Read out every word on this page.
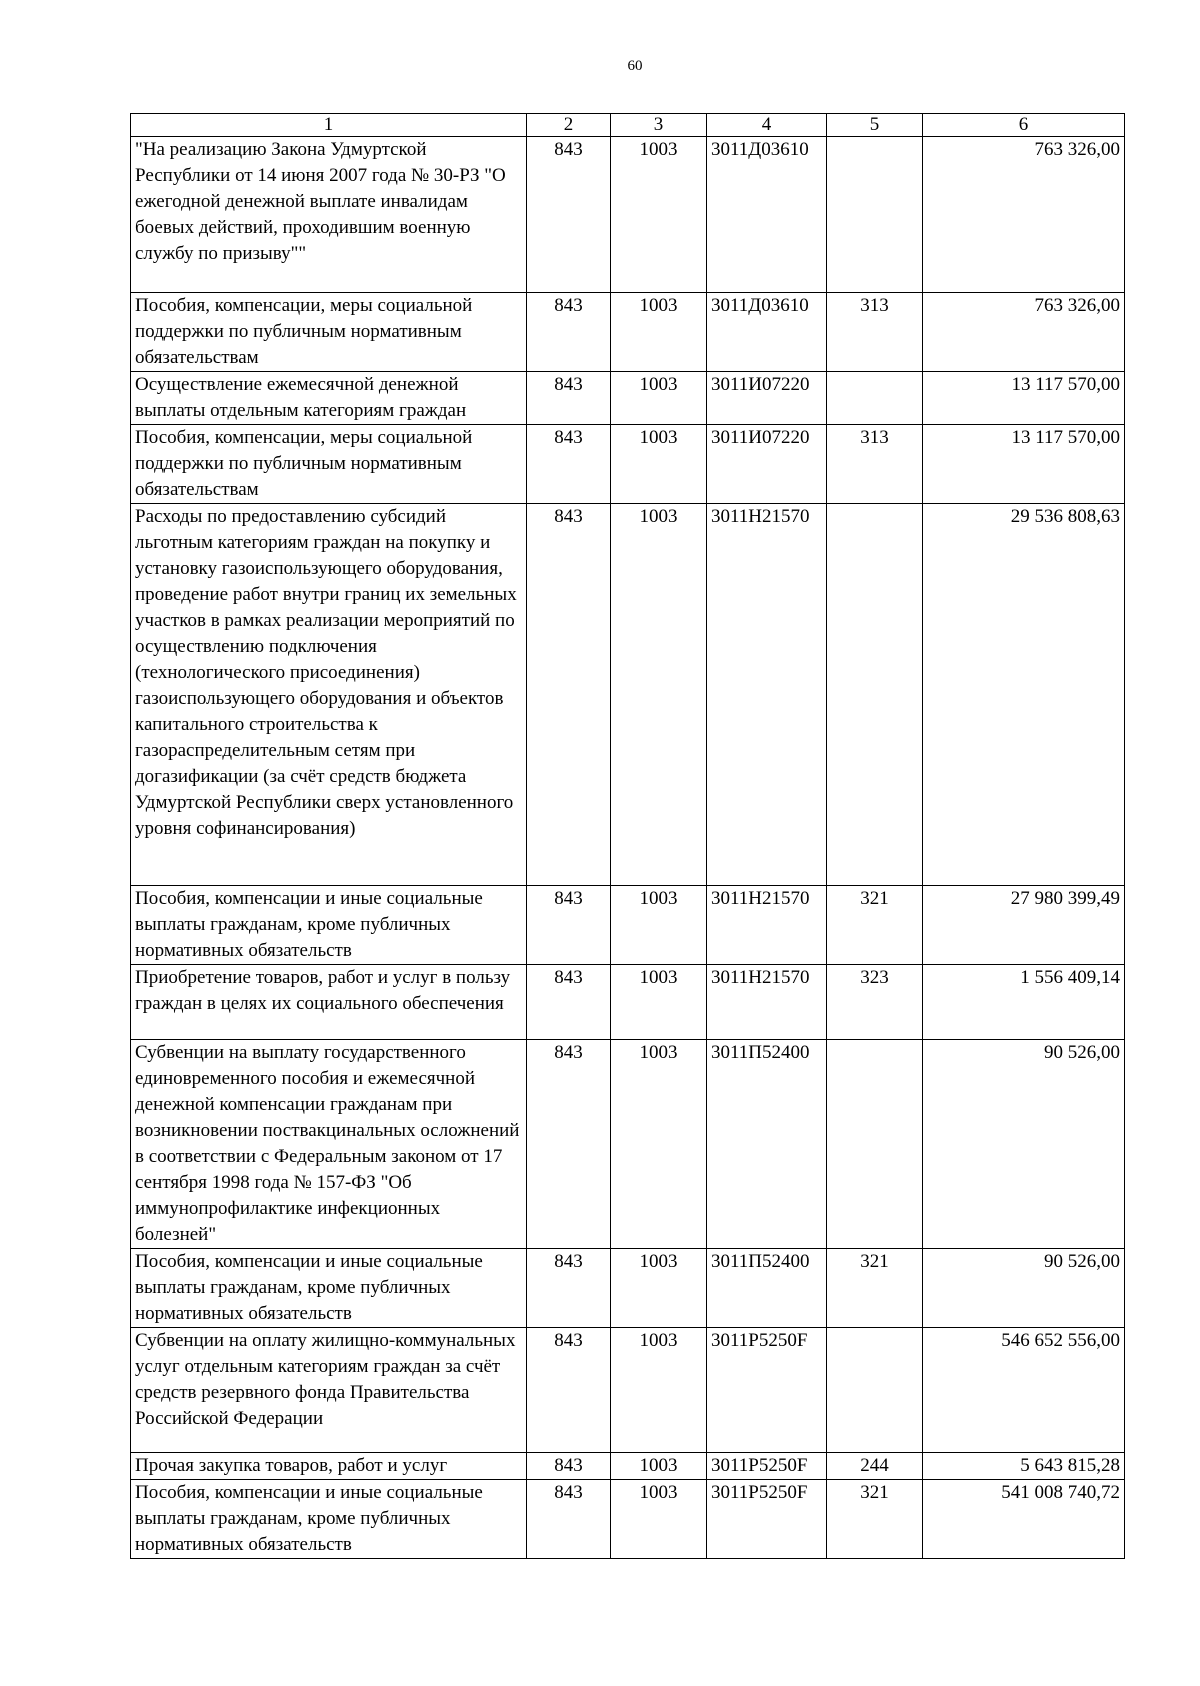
60
1	2	3	4	5	6
"На реализацию Закона Удмуртской Республики от 14 июня 2007 года № 30-РЗ "О ежегодной денежной выплате инвалидам боевых действий, проходившим военную службу по призыву""	843	1003	3011Д03610		763 326,00
Пособия, компенсации, меры социальной поддержки по публичным нормативным обязательствам	843	1003	3011Д03610	313	763 326,00
Осуществление ежемесячной денежной выплаты отдельным категориям граждан	843	1003	3011И07220		13 117 570,00
Пособия, компенсации, меры социальной поддержки по публичным нормативным обязательствам	843	1003	3011И07220	313	13 117 570,00
Расходы по предоставлению субсидий льготным категориям граждан на покупку и установку газоиспользующего оборудования, проведение работ внутри границ их земельных участков в рамках реализации мероприятий по осуществлению подключения (технологического присоединения) газоиспользующего оборудования и объектов капитального строительства к газораспределительным сетям при догазификации (за счёт средств бюджета Удмуртской Республики сверх установленного уровня софинансирования)	843	1003	3011Н21570		29 536 808,63
Пособия, компенсации и иные социальные выплаты гражданам, кроме публичных нормативных обязательств	843	1003	3011Н21570	321	27 980 399,49
Приобретение товаров, работ и услуг в пользу граждан в целях их социального обеспечения	843	1003	3011Н21570	323	1 556 409,14
Субвенции на выплату государственного единовременного пособия и ежемесячной денежной компенсации гражданам при возникновении поствакцинальных осложнений в соответствии с Федеральным законом от 17 сентября 1998 года № 157-ФЗ "Об иммунопрофилактике инфекционных болезней"	843	1003	3011П52400		90 526,00
Пособия, компенсации и иные социальные выплаты гражданам, кроме публичных нормативных обязательств	843	1003	3011П52400	321	90 526,00
Субвенции на оплату жилищно-коммунальных услуг отдельным категориям граждан за счёт средств резервного фонда Правительства Российской Федерации	843	1003	3011Р5250F		546 652 556,00
Прочая закупка товаров, работ и услуг	843	1003	3011Р5250F	244	5 643 815,28
Пособия, компенсации и иные социальные выплаты гражданам, кроме публичных нормативных обязательств	843	1003	3011Р5250F	321	541 008 740,72
